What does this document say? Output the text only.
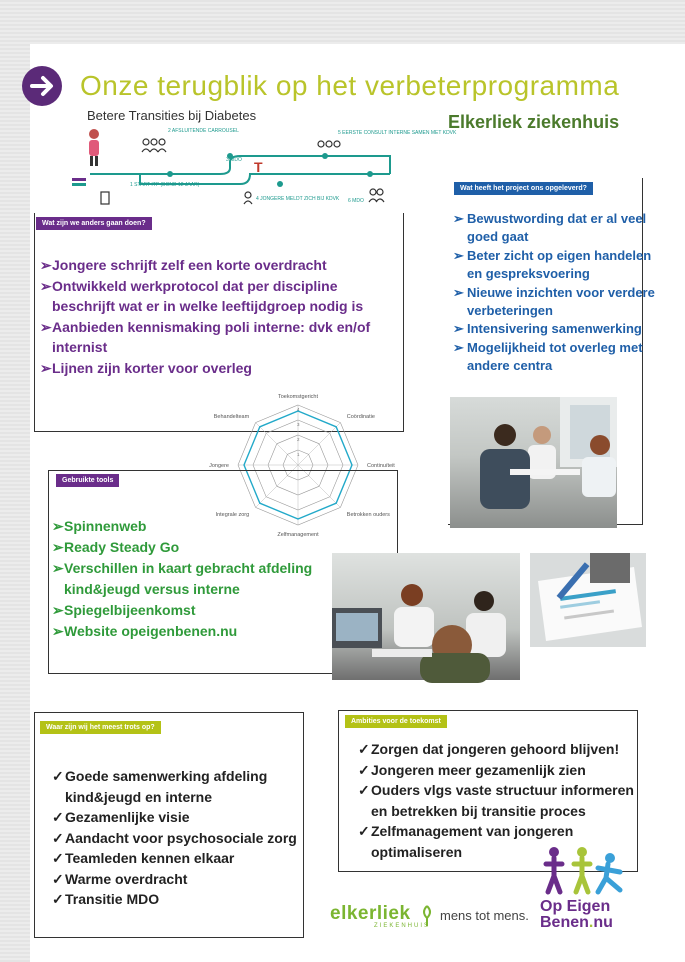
Onze terugblik op het verbeterprogramma
Betere Transities bij Diabetes	Elkerliek ziekenhuis
T
2 AFSLUITENDE CARROUSEL
3 MDO
5 EERSTE CONSULT INTERNE SAMEN MET KDVK
1 START ITP (BOND 12 JAAR)
4 JONGERE MELDT ZICH BIJ KDVK 6 MDO
Wat zijn we anders gaan doen?
➢ Jongere schrijft zelf een korte overdracht
➢ Ontwikkeld werkprotocol dat per discipline beschrijft wat er in welke leeftijdgroep nodig is
➢ Aanbieden kennismaking poli interne: dvk en/of internist
➢ Lijnen zijn korter voor overleg
Wat heeft het project ons opgeleverd?
➢ Bewustwording dat er al veel goed gaat
➢ Beter zicht op eigen handelen en gespreksvoering
➢ Nieuwe inzichten voor verdere verbeteringen
➢ Intensivering samenwerking
➢ Mogelijkheid tot overleg met andere centra
Toekomstgericht
Coördinatie
Continuïteit
Betrokken ouders
Zelfmanagement
Integrale zorg
Jongere
Behandelteam
1
2
3
4
Gebruikte tools
➢ Spinnenweb
➢ Ready Steady Go
➢ Verschillen in kaart gebracht afdeling kind&jeugd versus interne
➢ Spiegelbijeenkomst
➢ Website opeigenbenen.nu
Waar zijn wij het meest trots op?
✓ Goede samenwerking afdeling kind&jeugd en interne
✓ Gezamenlijke visie
✓ Aandacht voor psychosociale zorg
✓ Teamleden kennen elkaar
✓ Warme overdracht
✓ Transitie MDO
Ambities voor de toekomst
✓ Zorgen dat jongeren gehoord blijven!
✓ Jongeren meer gezamenlijk zien
✓ Ouders vlgs vaste structuur informeren en betrekken bij transitie proces
✓ Zelfmanagement van jongeren optimaliseren
elkerliek
ZIEKENHUIS
mens tot mens.
Op Eigen
Benen.nu
